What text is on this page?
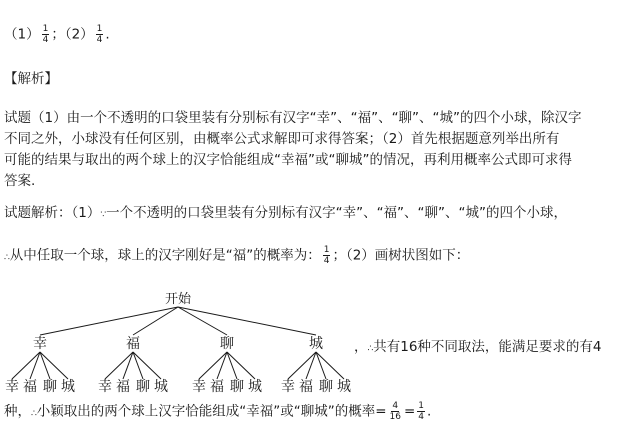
$(1) \frac{1}{4}$ ；$(2) \frac{1}{4}$ .
【解析】
试题（1）由一个不透明的口袋里装有分别标有汉字“幸”、“福”、“聊”、“城”的四个小球，除汉字
不同之外，小球没有任何区别，由概率公式求解即可求得答案；（2）首先根据题意列举出所有
可能的结果与取出的两个球上的汉字恰能组成“幸福”或“聊城”的情况，再利用概率公式即可求得
答案.
试题解析：（1）∵一个不透明的口袋里装有分别标有汉字“幸”、“福”、“聊”、“城”的四个小球，
∴从中任取一个球，球上的汉字刚好是“福”的概率为： $\frac{1}{4}$ ；（2）画树状图如下：
开始
幸	福	聊	城
幸 福 聊 城 幸 福 聊 城 幸 福 聊 城 幸 福 聊 城
，∴共有16种不同取法，能满足要求的有4
种，∴小颖取出的两个球上汉字恰能组成“幸福”或“聊城”的概率= $\frac{4}{16} = \frac{1}{4}$ .
